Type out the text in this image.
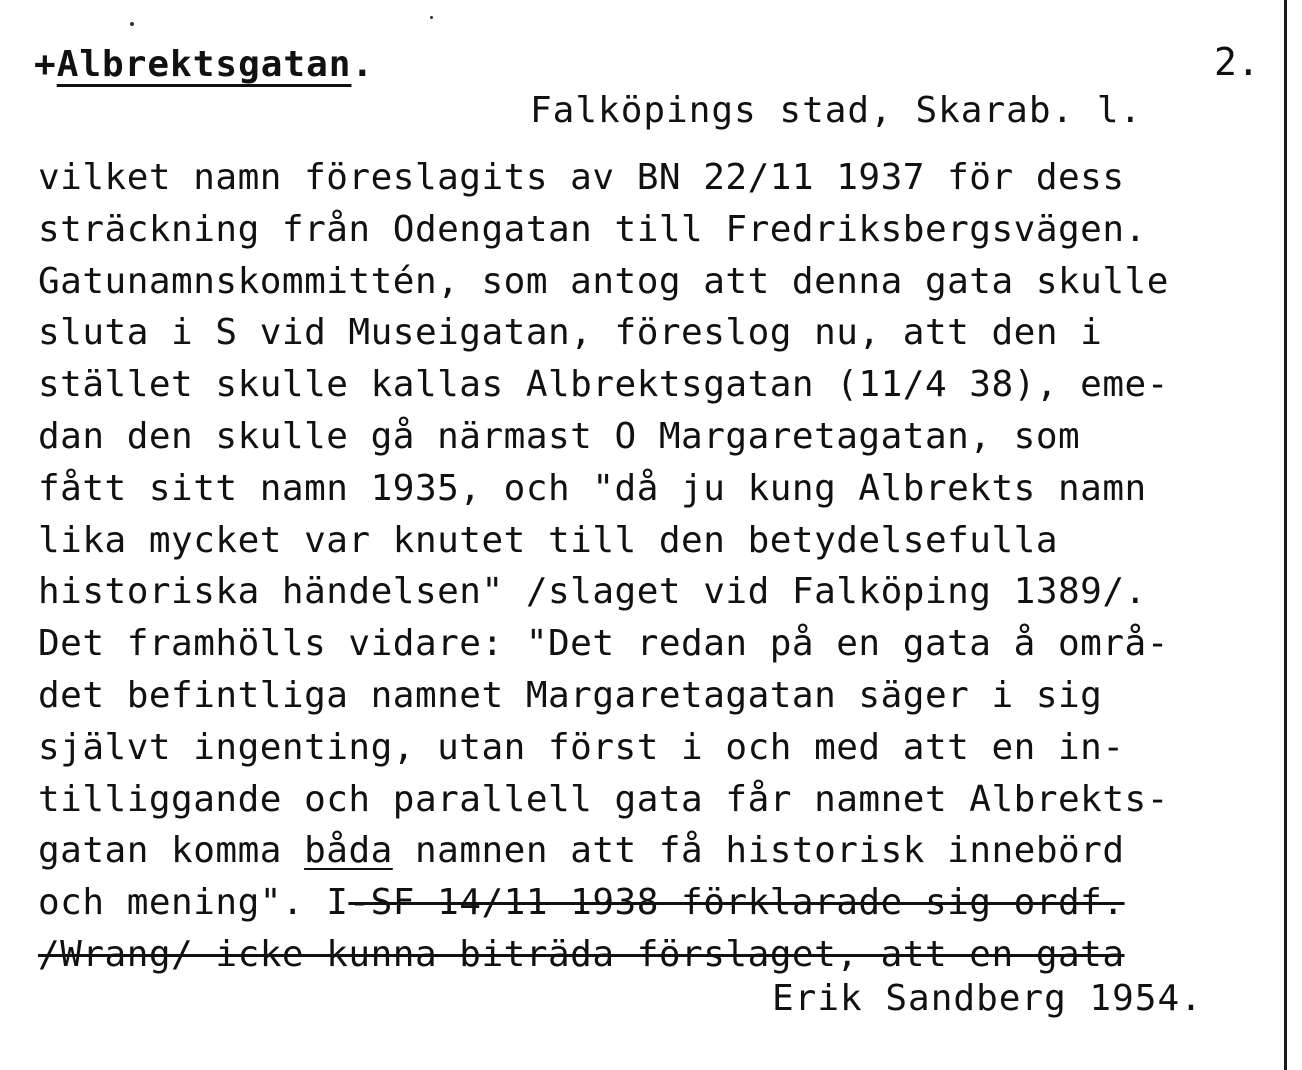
+Albrektsgatan.	2.
Falköpings stad, Skarab. l.
vilket namn föreslagits av BN 22/11 1937 för dess
sträckning från Odengatan till Fredriksbergsvägen.
Gatunamnskommittén, som antog att denna gata skulle
sluta i S vid Museigatan, föreslog nu, att den i
stället skulle kallas Albrektsgatan (11/4 38), eme-
dan den skulle gå närmast O Margaretagatan, som
fått sitt namn 1935, och "då ju kung Albrekts namn
lika mycket var knutet till den betydelsefulla
historiska händelsen" /slaget vid Falköping 1389/.
Det framhölls vidare: "Det redan på en gata å områ-
det befintliga namnet Margaretagatan säger i sig
självt ingenting, utan först i och med att en in-
tilliggande och parallell gata får namnet Albrekts-
gatan komma båda namnen att få historisk innebörd
och mening". I-SF 14/11 1938 förklarade sig ordf.
/Wrang/ icke kunna biträda förslaget, att en gata
Erik Sandberg 1954.
